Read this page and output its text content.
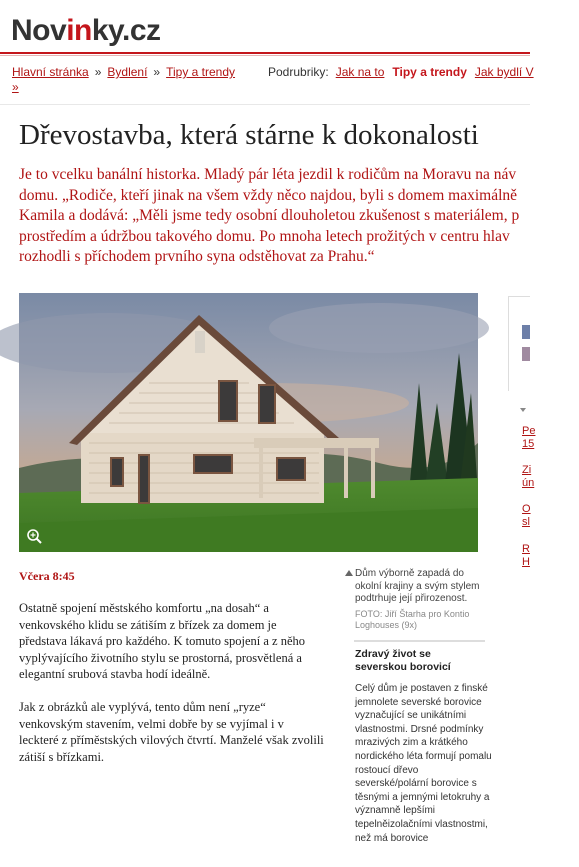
Novinky.cz
Hlavní stránka » Bydlení » Tipy a trendy
»
Podrubriky: Jak na to Tipy a trendy Jak bydlí V
Dřevostavba, která stárne k dokonalosti
Je to vcelku banální historka. Mladý pár léta jezdil k rodičům na Moravu na náv
domu. „Rodiče, kteří jinak na všem vždy něco najdou, byli s domem maximálně
Kamila a dodává: „Měli jsme tedy osobní dlouholetou zkušenost s materiálem, p
prostředím a údržbou takového domu. Po mnoha letech prožitých v centru hlav
rozhodli s příchodem prvního syna odstěhovat za Prahu.“
Včera 8:45	Dům výborně zapadá do okolní krajiny a svým stylem podtrhuje její přirozenost.
FOTO: Jiří Štarha pro Kontio Loghouses (9x)
Ostatně spojení městského komfortu „na dosah“ a
venkovského klidu se zátiším z břízek za domem je
představa lákavá pro každého. K tomuto spojení a z něho
vyplývajícího životního stylu se prostorná, prosvětlená a
elegantní srubová stavba hodí ideálně.
Jak z obrázků ale vyplývá, tento dům není „ryze“
venkovským stavením, velmi dobře by se vyjímal i v
leckteré z příměstských vilových čtvrtí. Manželé však zvolili
zátiší s břízkami.
Zdravý život se severskou borovicí
Celý dům je postaven z finské
jemnolete severské borovice
vyznačující se unikátními
vlastnostmi. Drsné podmínky
mrazivých zim a krátkého
nordického léta formují pomalu
rostoucí dřevo
severské/polární borovice s
těsnými a jemnými letokruhy a
významně lepšími
tepelněizolačními vlastnostmi,
než má borovice
Pe
15
Zi
ún
O
sl
R
H
